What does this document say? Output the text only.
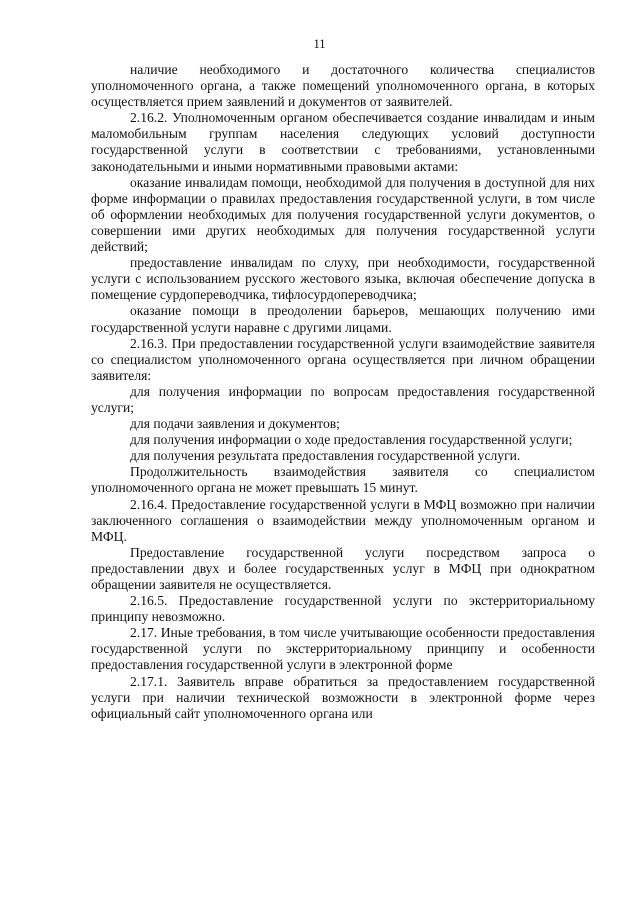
11

наличие необходимого и достаточного количества специалистов уполномоченного органа, а также помещений уполномоченного органа, в которых осуществляется прием заявлений и документов от заявителей.

2.16.2. Уполномоченным органом обеспечивается создание инвалидам и иным маломобильным группам населения следующих условий доступности государственной услуги в соответствии с требованиями, установленными законодательными и иными нормативными правовыми актами:

оказание инвалидам помощи, необходимой для получения в доступной для них форме информации о правилах предоставления государственной услуги, в том числе об оформлении необходимых для получения государственной услуги документов, о совершении ими других необходимых для получения государственной услуги действий;

предоставление инвалидам по слуху, при необходимости, государственной услуги с использованием русского жестового языка, включая обеспечение допуска в помещение сурдопереводчика, тифлосурдопереводчика;

оказание помощи в преодолении барьеров, мешающих получению ими государственной услуги наравне с другими лицами.

2.16.3. При предоставлении государственной услуги взаимодействие заявителя со специалистом уполномоченного органа осуществляется при личном обращении заявителя:

для получения информации по вопросам предоставления государственной услуги;

для подачи заявления и документов;

для получения информации о ходе предоставления государственной услуги;

для получения результата предоставления государственной услуги.

Продолжительность взаимодействия заявителя со специалистом уполномоченного органа не может превышать 15 минут.

2.16.4. Предоставление государственной услуги в МФЦ возможно при наличии заключенного соглашения о взаимодействии между уполномоченным органом и МФЦ.

Предоставление государственной услуги посредством запроса о предоставлении двух и более государственных услуг в МФЦ при однократном обращении заявителя не осуществляется.

2.16.5. Предоставление государственной услуги по экстерриториальному принципу невозможно.

2.17. Иные требования, в том числе учитывающие особенности предоставления государственной услуги по экстерриториальному принципу и особенности предоставления государственной услуги в электронной форме

2.17.1. Заявитель вправе обратиться за предоставлением государственной услуги при наличии технической возможности в электронной форме через официальный сайт уполномоченного органа или
